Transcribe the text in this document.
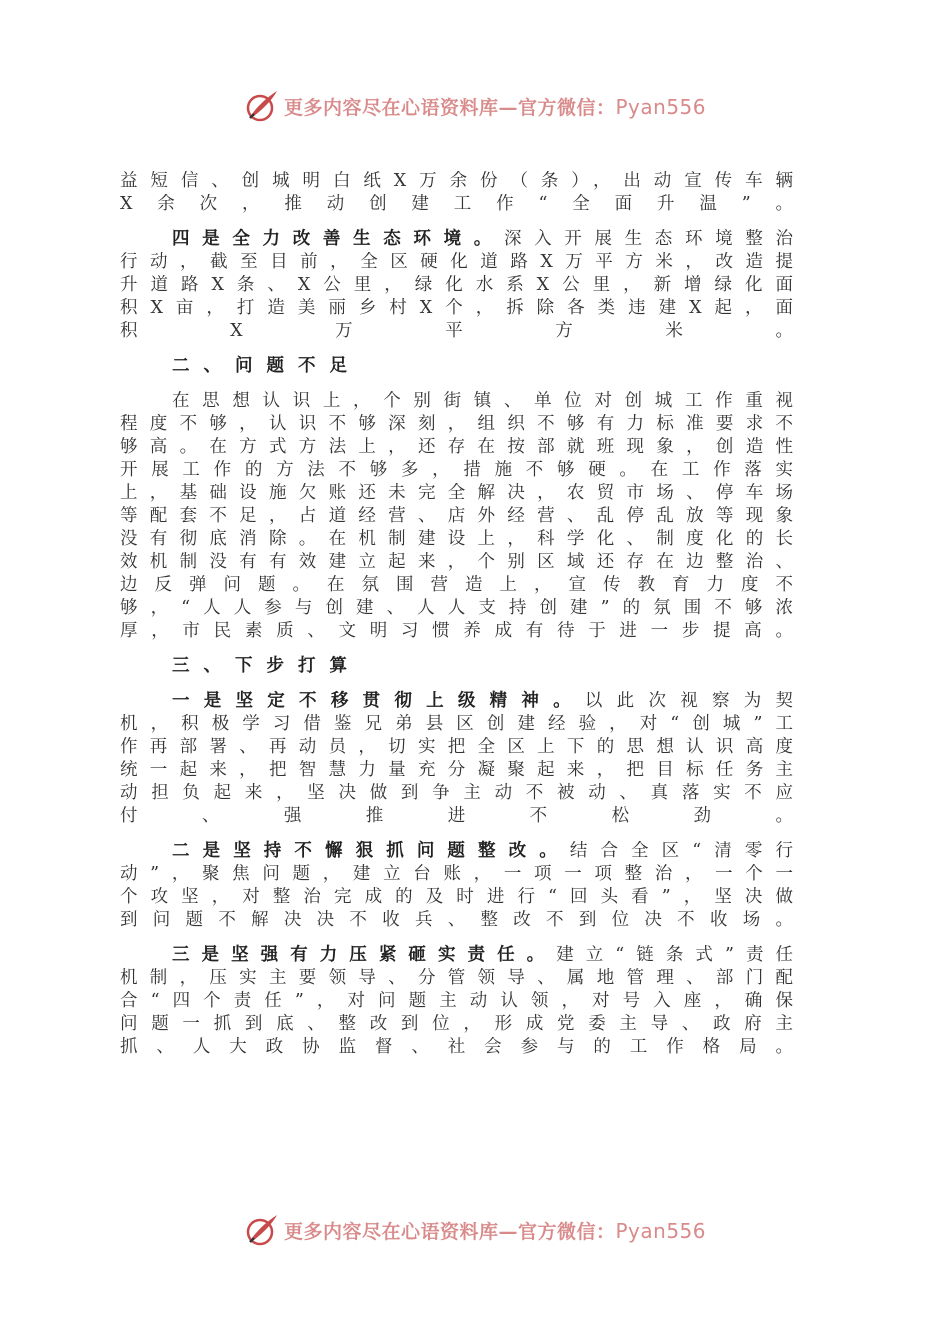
更多内容尽在心语资料库—官方微信：Pyan556
益短信、创城明白纸X万余份（条），出动宣传车辆X余次，推动创建工作“全面升温”。
四是全力改善生态环境。深入开展生态环境整治行动，截至目前，全区硬化道路X万平方米，改造提升道路X条、X公里，绿化水系X公里，新增绿化面积X亩，打造美丽乡村X个，拆除各类违建X起，面积X万平方米。
二、问题不足
在思想认识上，个别街镇、单位对创城工作重视程度不够，认识不够深刻，组织不够有力标准要求不够高。在方式方法上，还存在按部就班现象，创造性开展工作的方法不够多，措施不够硬。在工作落实上，基础设施欠账还未完全解决，农贸市场、停车场等配套不足，占道经营、店外经营、乱停乱放等现象没有彻底消除。在机制建设上，科学化、制度化的长效机制没有有效建立起来，个别区域还存在边整治、边反弹问题。在氛围营造上，宣传教育力度不够，“人人参与创建、人人支持创建”的氛围不够浓厚，市民素质、文明习惯养成有待于进一步提高。
三、下步打算
一是坚定不移贯彻上级精神。以此次视察为契机，积极学习借鉴兄弟县区创建经验，对“创城”工作再部署、再动员，切实把全区上下的思想认识高度统一起来，把智慧力量充分凝聚起来，把目标任务主动担负起来，坚决做到争主动不被动、真落实不应付、强推进不松劲。
二是坚持不懈狠抓问题整改。结合全区“清零行动”，聚焦问题，建立台账，一项一项整治，一个一个攻坚，对整治完成的及时进行“回头看”，坚决做到问题不解决决不收兵、整改不到位决不收场。
三是坚强有力压紧砸实责任。建立“链条式”责任机制，压实主要领导、分管领导、属地管理、部门配合“四个责任”，对问题主动认领，对号入座，确保问题一抓到底、整改到位，形成党委主导、政府主抓、人大政协监督、社会参与的工作格局。
更多内容尽在心语资料库—官方微信：Pyan556
